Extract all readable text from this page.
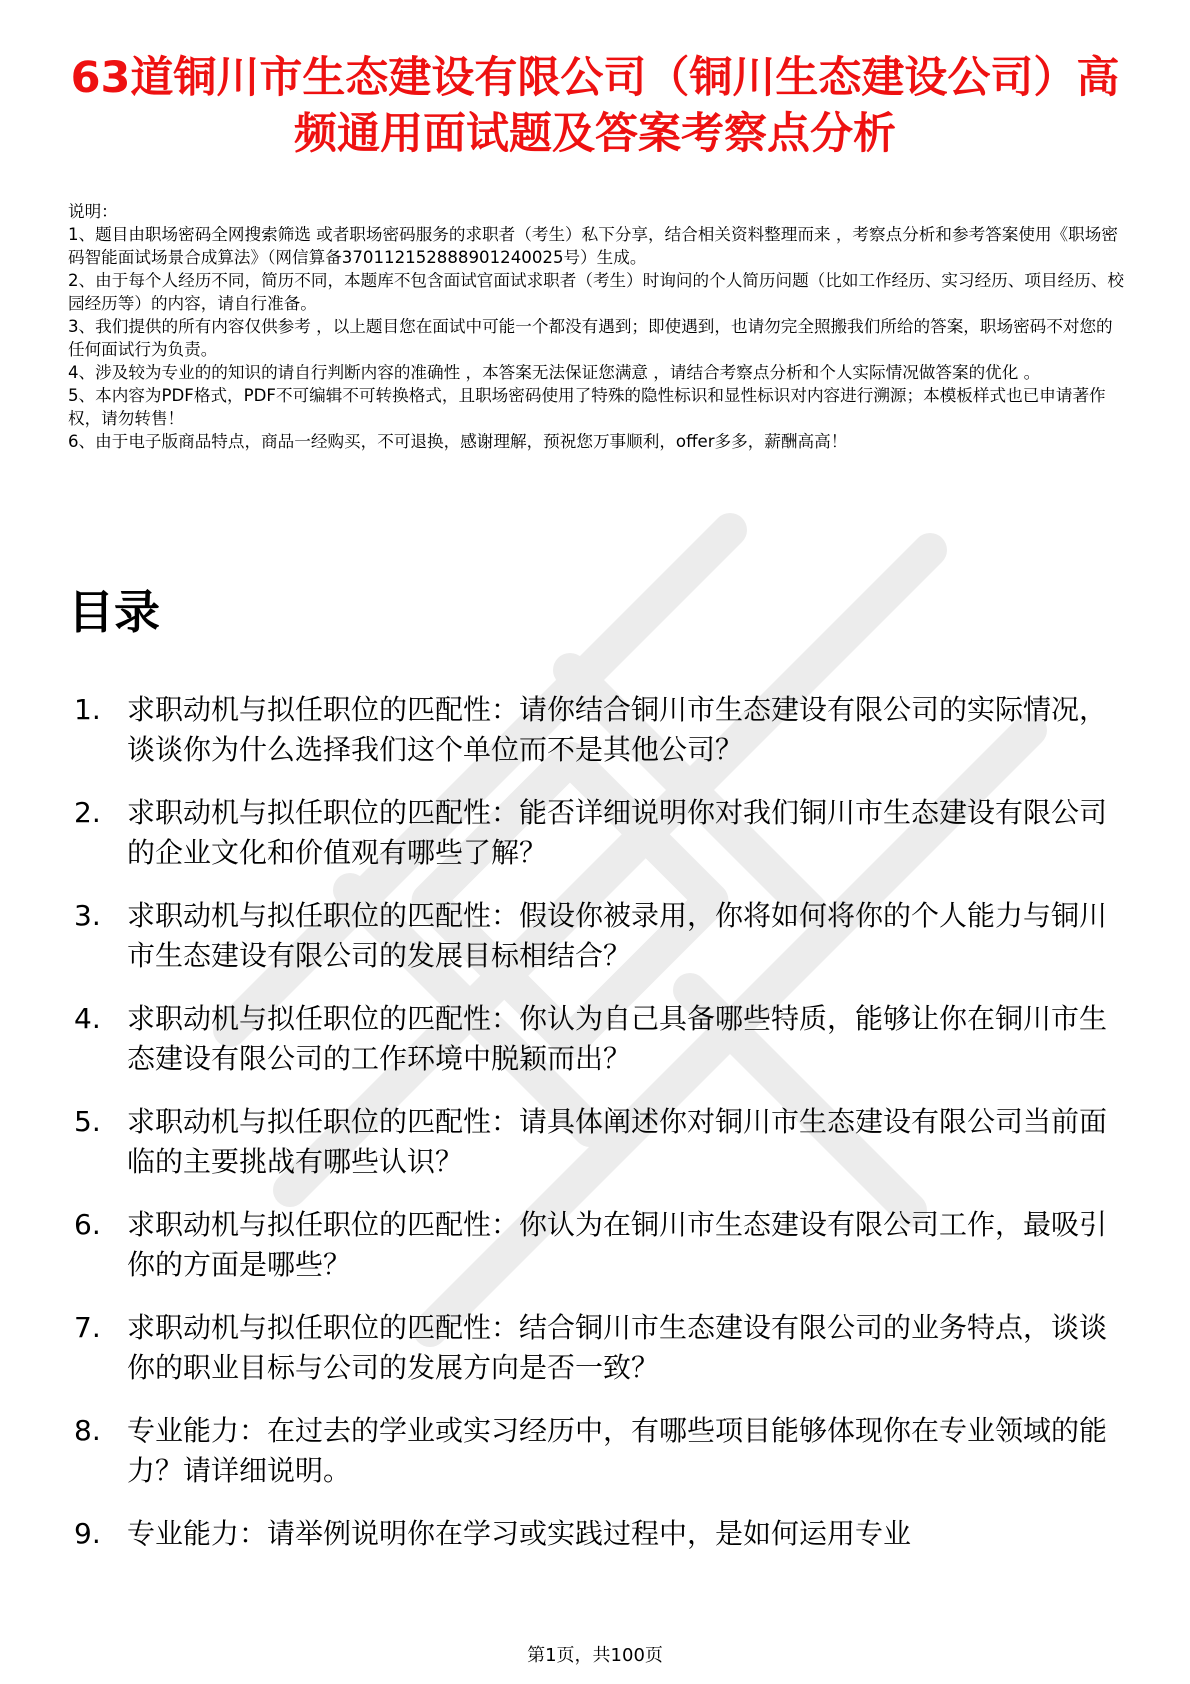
63道铜川市生态建设有限公司（铜川生态建设公司）高频通用面试题及答案考察点分析
说明：
1、题目由职场密码全网搜索筛选 或者职场密码服务的求职者（考生）私下分享，结合相关资料整理而来 ，考察点分析和参考答案使用《职场密码智能面试场景合成算法》（网信算备370112152888901240025号）生成。
2、由于每个人经历不同，简历不同，本题库不包含面试官面试求职者（考生）时询问的个人简历问题（比如工作经历、实习经历、项目经历、校园经历等）的内容，请自行准备。
3、我们提供的所有内容仅供参考 ，以上题目您在面试中可能一个都没有遇到；即使遇到，也请勿完全照搬我们所给的答案，职场密码不对您的任何面试行为负责。
4、涉及较为专业的的知识的请自行判断内容的准确性 ，本答案无法保证您满意 ，请结合考察点分析和个人实际情况做答案的优化 。
5、本内容为PDF格式，PDF不可编辑不可转换格式，且职场密码使用了特殊的隐性标识和显性标识对内容进行溯源；本模板样式也已申请著作权，请勿转售！
6、由于电子版商品特点，商品一经购买，不可退换，感谢理解，预祝您万事顺利，offer多多，薪酬高高！
目录
1. 求职动机与拟任职位的匹配性：请你结合铜川市生态建设有限公司的实际情况，谈谈你为什么选择我们这个单位而不是其他公司？
2. 求职动机与拟任职位的匹配性：能否详细说明你对我们铜川市生态建设有限公司的企业文化和价值观有哪些了解？
3. 求职动机与拟任职位的匹配性：假设你被录用，你将如何将你的个人能力与铜川市生态建设有限公司的发展目标相结合？
4. 求职动机与拟任职位的匹配性：你认为自己具备哪些特质，能够让你在铜川市生态建设有限公司的工作环境中脱颖而出？
5. 求职动机与拟任职位的匹配性：请具体阐述你对铜川市生态建设有限公司当前面临的主要挑战有哪些认识？
6. 求职动机与拟任职位的匹配性：你认为在铜川市生态建设有限公司工作，最吸引你的方面是哪些？
7. 求职动机与拟任职位的匹配性：结合铜川市生态建设有限公司的业务特点，谈谈你的职业目标与公司的发展方向是否一致？
8. 专业能力：在过去的学业或实习经历中，有哪些项目能够体现你在专业领域的能力？请详细说明。
9. 专业能力：请举例说明你在学习或实践过程中，是如何运用专业
第1页，共100页
